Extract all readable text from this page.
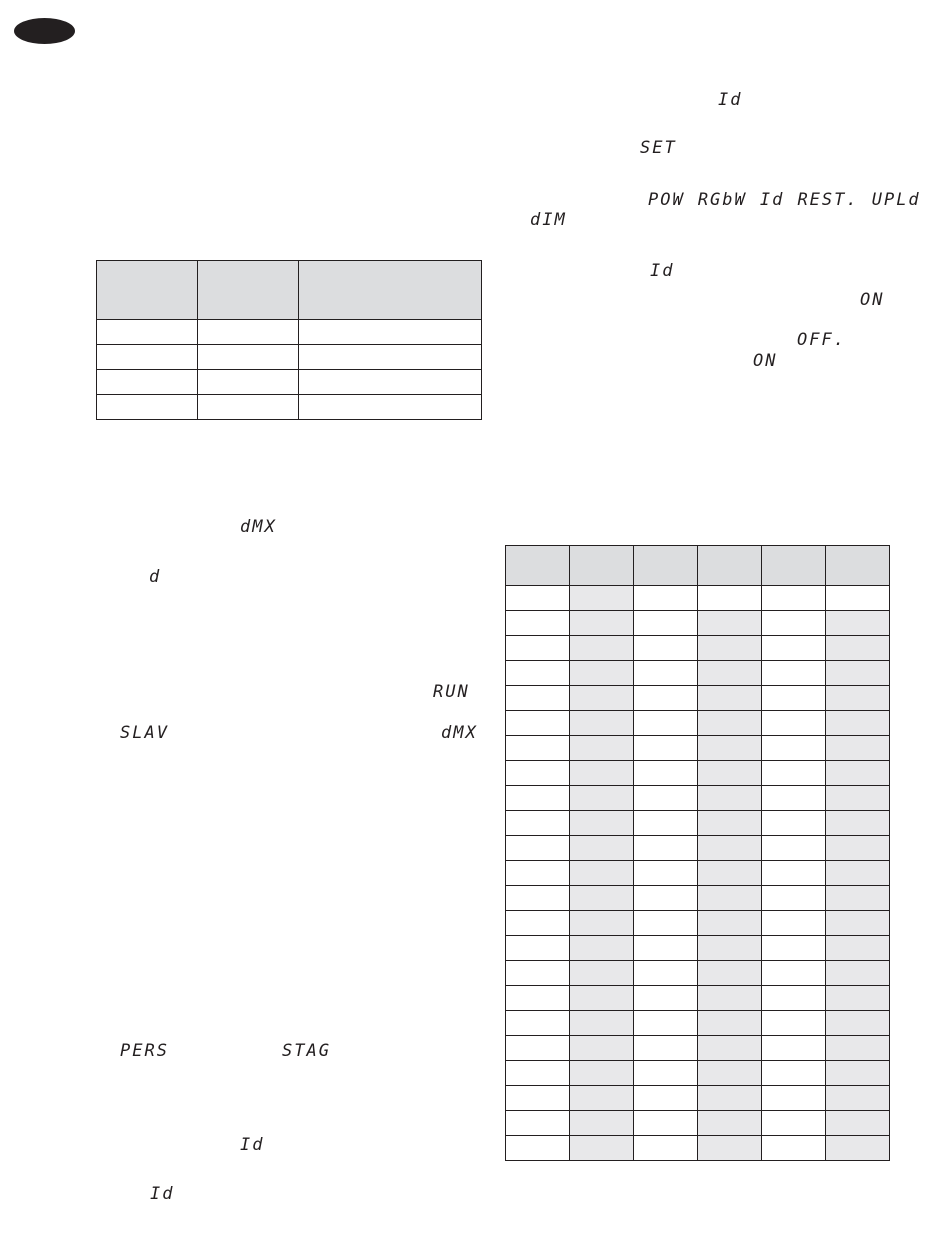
dMX
d
RUN
SLAV	dMX
PERS	STAG
Id
Id
Id
SET
POW RGbW Id REST. UPLd
dIM
Id
ON
OFF.
ON
